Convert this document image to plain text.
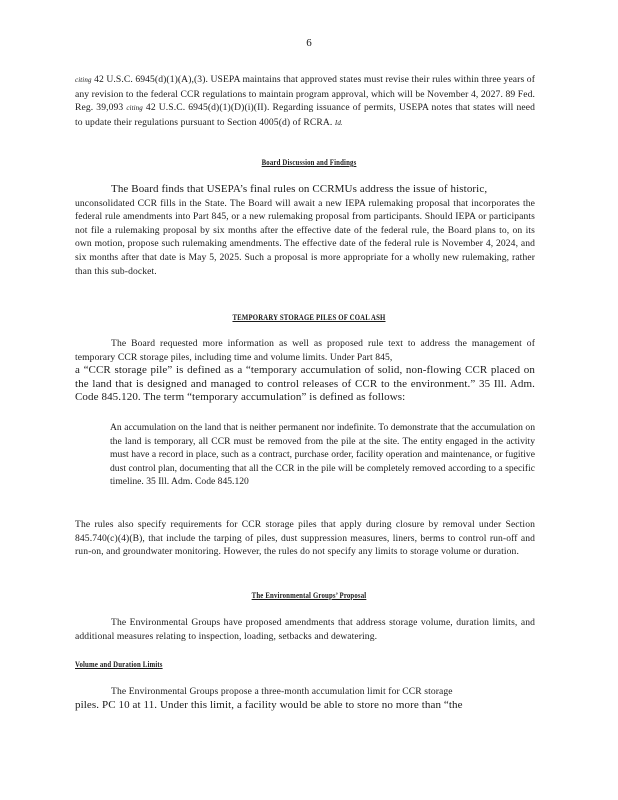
6

citing 42 U.S.C. 6945(d)(1)(A),(3). USEPA maintains that approved states must revise their rules within three years of any revision to the federal CCR regulations to maintain program approval, which will be November 4, 2027. 89 Fed. Reg. 39,093 citing 42 U.S.C. 6945(d)(1)(D)(i)(II). Regarding issuance of permits, USEPA notes that states will need to update their regulations pursuant to Section 4005(d) of RCRA. Id.

Board Discussion and Findings

The Board finds that USEPA’s final rules on CCRMUs address the issue of historic,

unconsolidated CCR fills in the State. The Board will await a new IEPA rulemaking proposal that incorporates the federal rule amendments into Part 845, or a new rulemaking proposal from participants. Should IEPA or participants not file a rulemaking proposal by six months after the effective date of the federal rule, the Board plans to, on its own motion, propose such rulemaking amendments. The effective date of the federal rule is November 4, 2024, and six months after that date is May 5, 2025. Such a proposal is more appropriate for a wholly new rulemaking, rather than this sub-docket.

TEMPORARY STORAGE PILES OF COAL ASH

The Board requested more information as well as proposed rule text to address the management of temporary CCR storage piles, including time and volume limits. Under Part 845,

a “CCR storage pile” is defined as a “temporary accumulation of solid, non-flowing CCR placed on the land that is designed and managed to control releases of CCR to the environment.” 35 Ill. Adm. Code 845.120. The term “temporary accumulation” is defined as follows:

An accumulation on the land that is neither permanent nor indefinite. To demonstrate that the accumulation on the land is temporary, all CCR must be removed from the pile at the site. The entity engaged in the activity must have a record in place, such as a contract, purchase order, facility operation and maintenance, or fugitive dust control plan, documenting that all the CCR in the pile will be completely removed according to a specific timeline. 35 Ill. Adm. Code 845.120
The rules also specify requirements for CCR storage piles that apply during closure by removal under Section 845.740(c)(4)(B), that include the tarping of piles, dust suppression measures, liners, berms to control run-off and run-on, and groundwater monitoring. However, the rules do not specify any limits to storage volume or duration.
The Environmental Groups’ Proposal

The Environmental Groups have proposed amendments that address storage volume, duration limits, and additional measures relating to inspection, loading, setbacks and dewatering.

Volume and Duration Limits

The Environmental Groups propose a three-month accumulation limit for CCR storage

piles. PC 10 at 11. Under this limit, a facility would be able to store no more than “the
